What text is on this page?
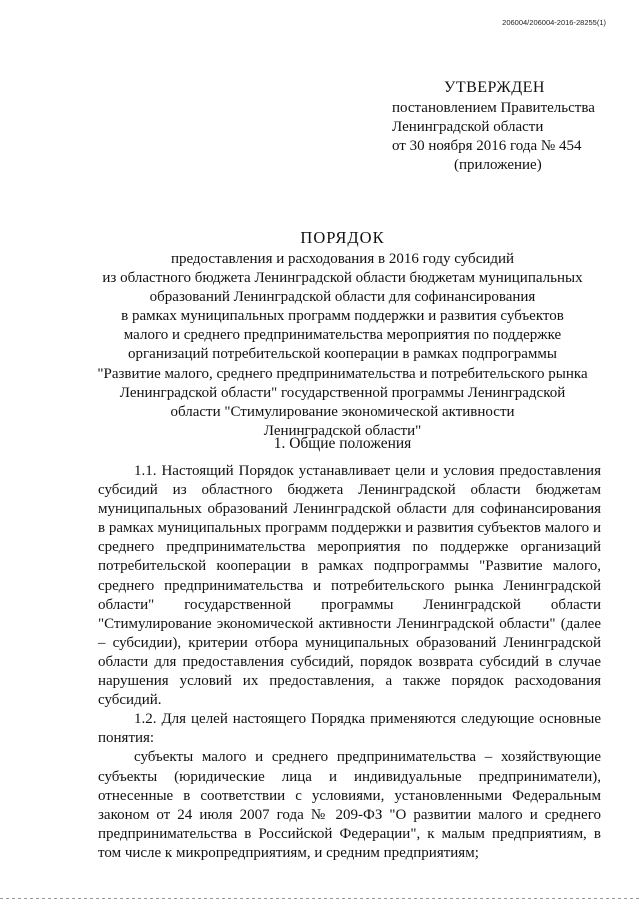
206004/206004-2016-28255(1)
УТВЕРЖДЕН
постановлением Правительства
Ленинградской области
от 30 ноября 2016 года № 454
(приложение)
ПОРЯДОК
предоставления и расходования в 2016 году субсидий
из областного бюджета Ленинградской области бюджетам муниципальных
образований Ленинградской области для софинансирования
в рамках муниципальных программ поддержки и развития субъектов
малого и среднего предпринимательства мероприятия по поддержке
организаций потребительской кооперации в рамках подпрограммы
"Развитие малого, среднего предпринимательства и потребительского рынка
Ленинградской области" государственной программы Ленинградской
области "Стимулирование экономической активности
Ленинградской области"
1. Общие положения

1.1. Настоящий Порядок устанавливает цели и условия предоставления субсидий из областного бюджета Ленинградской области бюджетам муниципальных образований Ленинградской области для софинансирования в рамках муниципальных программ поддержки и развития субъектов малого и среднего предпринимательства мероприятия по поддержке организаций потребительской кооперации в рамках подпрограммы "Развитие малого, среднего предпринимательства и потребительского рынка Ленинградской области" государственной программы Ленинградской области "Стимулирование экономической активности Ленинградской области" (далее – субсидии), критерии отбора муниципальных образований Ленинградской области для предоставления субсидий, порядок возврата субсидий в случае нарушения условий их предоставления, а также порядок расходования субсидий.

1.2. Для целей настоящего Порядка применяются следующие основные понятия:

субъекты малого и среднего предпринимательства – хозяйствующие субъекты (юридические лица и индивидуальные предприниматели), отнесенные в соответствии с условиями, установленными Федеральным законом от 24 июля 2007 года № 209-ФЗ "О развитии малого и среднего предпринимательства в Российской Федерации", к малым предприятиям, в том числе к микропредприятиям, и средним предприятиям;
